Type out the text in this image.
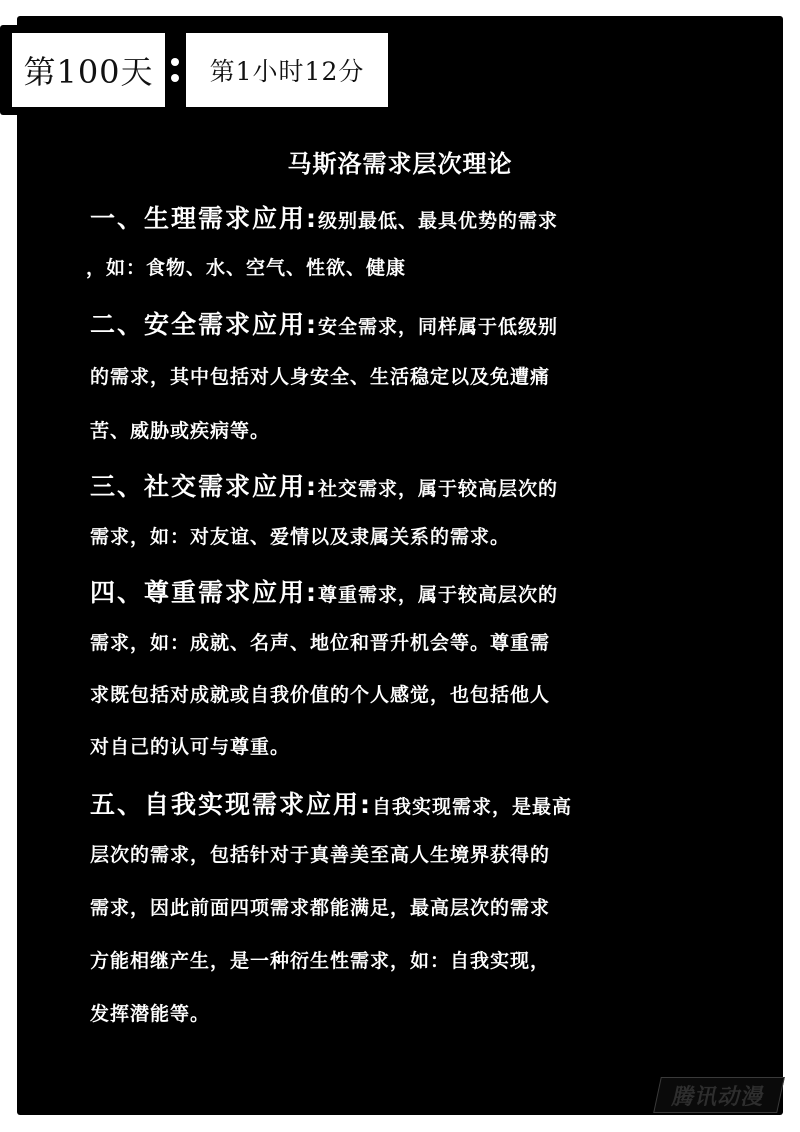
第100天 第1小时12分
马斯洛需求层次理论
一、生理需求应用:级别最低、最具优势的需求
，如：食物、水、空气、性欲、健康
二、安全需求应用:安全需求，同样属于低级别
的需求，其中包括对人身安全、生活稳定以及免遭痛
苦、威胁或疾病等。
三、社交需求应用:社交需求，属于较高层次的
需求，如：对友谊、爱情以及隶属关系的需求。
四、尊重需求应用:尊重需求，属于较高层次的
需求，如：成就、名声、地位和晋升机会等。尊重需
求既包括对成就或自我价值的个人感觉，也包括他人
对自己的认可与尊重。
五、自我实现需求应用:自我实现需求，是最高
层次的需求，包括针对于真善美至高人生境界获得的
需求，因此前面四项需求都能满足，最高层次的需求
方能相继产生，是一种衍生性需求，如：自我实现，
发挥潜能等。
腾讯动漫
